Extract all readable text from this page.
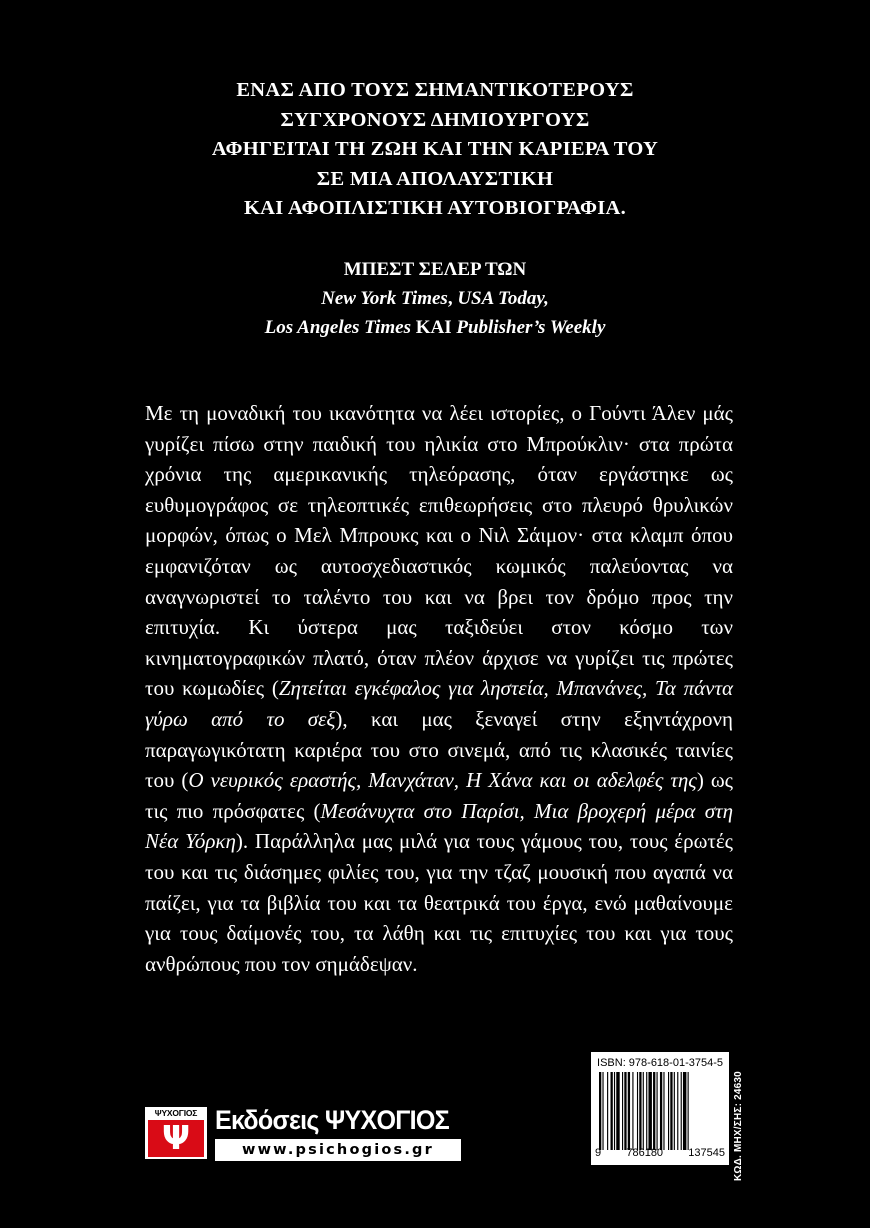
ΕΝΑΣ ΑΠΟ ΤΟΥΣ ΣΗΜΑΝΤΙΚΟΤΕΡΟΥΣ
ΣΥΓΧΡΟΝΟΥΣ ΔΗΜΙΟΥΡΓΟΥΣ
ΑΦΗΓΕΙΤΑΙ ΤΗ ΖΩΗ ΚΑΙ ΤΗΝ ΚΑΡΙΕΡΑ ΤΟΥ
ΣΕ ΜΙΑ ΑΠΟΛΑΥΣΤΙΚΗ
ΚΑΙ ΑΦΟΠΛΙΣΤΙΚΗ ΑΥΤΟΒΙΟΓΡΑΦΙΑ.
ΜΠΕΣΤ ΣΕΛΕΡ ΤΩΝ
New York Times, USA Today,
Los Angeles Times ΚΑΙ Publisher’s Weekly

Με τη μοναδική του ικανότητα να λέει ιστορίες, ο Γούντι Άλεν μάς γυρίζει πίσω στην παιδική του ηλικία στο Μπρούκλιν· στα πρώτα χρόνια της αμερικανικής τηλεόρασης, όταν εργάστηκε ως ευθυμογράφος σε τηλεοπτικές επιθεωρήσεις στο πλευρό θρυλικών μορφών, όπως ο Μελ Μπρουκς και ο Νιλ Σάιμον· στα κλαμπ όπου εμφανιζόταν ως αυτοσχεδιαστικός κωμικός παλεύοντας να αναγνωριστεί το ταλέντο του και να βρει τον δρόμο προς την επιτυχία. Κι ύστερα μας ταξιδεύει στον κόσμο των κινηματογραφικών πλατό, όταν πλέον άρχισε να γυρίζει τις πρώτες του κωμωδίες (Ζητείται εγκέφαλος για ληστεία, Μπανάνες, Τα πάντα γύρω από το σεξ), και μας ξεναγεί στην εξηντάχρονη παραγωγικότατη καριέρα του στο σινεμά, από τις κλασικές ταινίες του (Ο νευρικός εραστής, Μανχάταν, Η Χάνα και οι αδελφές της) ως τις πιο πρόσφατες (Μεσάνυχτα στο Παρίσι, Μια βροχερή μέρα στη Νέα Υόρκη). Παράλληλα μας μιλά για τους γάμους του, τους έρωτές του και τις διάσημες φιλίες του, για την τζαζ μουσική που αγαπά να παίζει, για τα βιβλία του και τα θεατρικά του έργα, ενώ μαθαίνουμε για τους δαίμονές του, τα λάθη και τις επιτυχίες του και για τους ανθρώπους που τον σημάδεψαν.

ΨΥΧΟΓΙΟΣ
Ψ Εκδόσεις ΨΥΧΟΓΙΟΣ
www.psichogios.gr
ISBN: 978-618-01-3754-5
9 786180 137545 ΚΩΔ. ΜΗΧ/ΣΗΣ: 24630
